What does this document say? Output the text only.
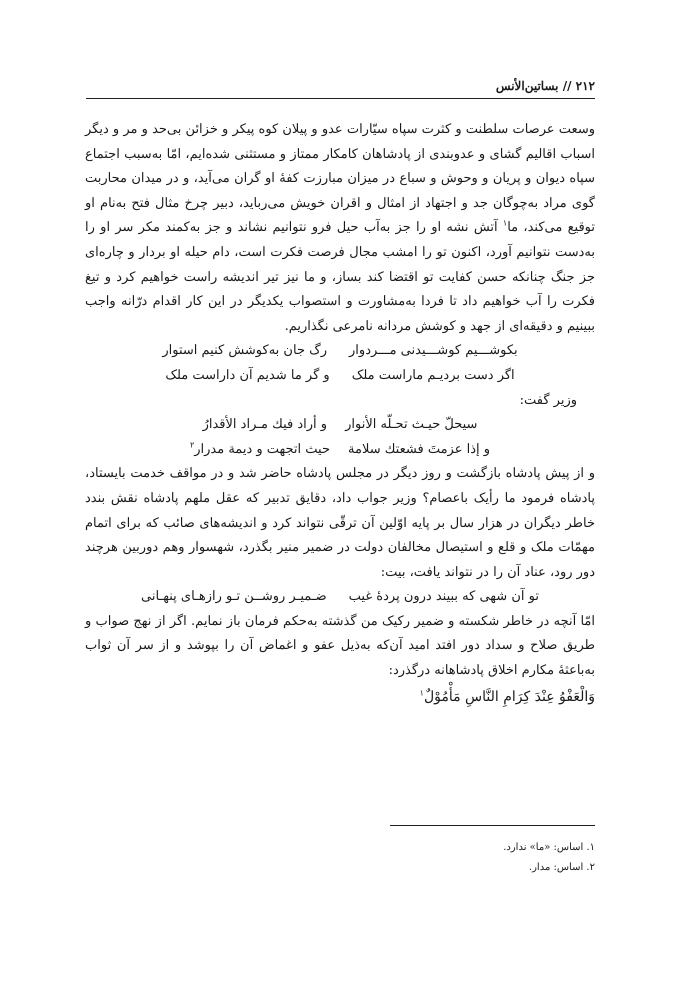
۲۱۲ // بساتین‌الأنس

وسعت عرصات سلطنت و کثرت سپاه سیّارات عدو و پیلان کوه پیکر و خزائن بی‌حد و مر و دیگر اسباب اقالیم گشای و عدوبندی از پادشاهان کامکار ممتاز و مستثنی شده‌ایم، امّا به‌سبب اجتماع سپاه دیوان و پریان و وحوش و سباع در میزان مبارزت کفهٔ او گران می‌آید، و در میدان محاربت گوی مراد به‌چوگان جد و اجتهاد از امثال و اقران خویش می‌رباید، دبیر چرخ مثال فتح به‌نام او توقیع می‌کند، ما$^۱$ آتش نشه او را جز به‌آب حیل فرو نتوانیم نشاند و جز به‌کمند مکر سر او را به‌دست نتوانیم آورد، اکنون تو را امشب مجال فرصت فکرت است، دام حیله او بردار و چاره‌ای جز جنگ چنانکه حسن کفایت تو اقتضا کند بساز، و ما نیز تیر اندیشه راست خواهیم کرد و تیغ فکرت را آب خواهیم داد تا فردا به‌مشاورت و استصواب یکدیگر در این کار اقدام درّانه واجب ببینیم و دقیقه‌ای از جهد و کوشش مردانه نامرعی نگذاریم.

بکوشـــیم کوشـــیدنی مـــردوار
رگ جان به‌کوشش کنیم استوار
اگر دست بردیـم ماراست ملک
و گر ما شدیم آن داراست ملک

وزیر گفت:

سیحلّ حیـث تحـلّه الأنوار
و أراد فیك مـراد الأقدارُ
و إذا عزمتَ فشعتك سلامة
حیث اتجهت و دیمة مدرار$^۲$

و از پیش پادشاه بازگشت و روز دیگر در مجلس پادشاه حاضر شد و در مواقف خدمت بایستاد، پادشاه فرمود ما رأیک باعصام؟ وزیر جواب داد، دقایق تدبیر که عقل ملهم پادشاه نقش بندد خاطر دیگران در هزار سال بر پایه اوّلین آن ترقّی نتواند کرد و اندیشه‌های صائب که برای اتمام مهمّات ملک و قلع و استیصال مخالفان دولت در ضمیر منیر بگذرد، شهسوار وهم دوربین هرچند دور رود، عناد آن را در نتواند یافت، بیت:

تو آن شهی که ببیند درون پردهٔ غیب
ضـمیـر روشــن تـو رازهـای پنهـانی

امّا آنچه در خاطر شکسته و ضمیر رکیک من گذشته به‌حکم فرمان باز نمایم. اگر از نهج صواب و طریق صلاح و سداد دور افتد امید آن‌که به‌ذیل عفو و اغماض آن را بپوشد و از سر آن ثواب به‌باعثهٔ مکارم اخلاق پادشاهانه درگذرد:

وَالْعَفْوُ عِنْدَ کِرَامِ النَّاسِ مَأْمُوْلٌ$^۱$
۱. اساس: «ما» ندارد.
۲. اساس: مدار.
